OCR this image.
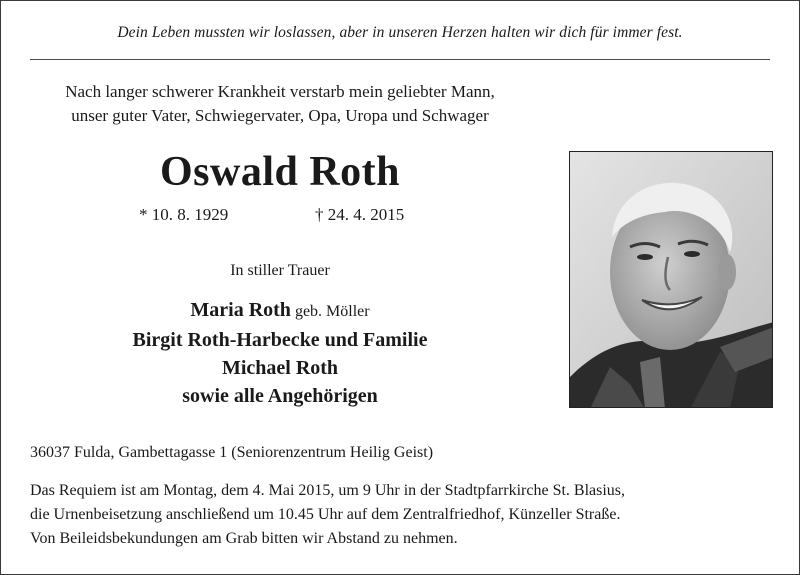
Dein Leben mussten wir loslassen, aber in unseren Herzen halten wir dich für immer fest.
Nach langer schwerer Krankheit verstarb mein geliebter Mann,
unser guter Vater, Schwiegervater, Opa, Uropa und Schwager
Oswald Roth
* 10. 8. 1929	† 24. 4. 2015
In stiller Trauer
Maria Roth geb. Möller
Birgit Roth-Harbecke und Familie
Michael Roth
sowie alle Angehörigen
36037 Fulda, Gambettagasse 1 (Seniorenzentrum Heilig Geist)
Das Requiem ist am Montag, dem 4. Mai 2015, um 9 Uhr in der Stadtpfarrkirche St. Blasius,
die Urnenbeisetzung anschließend um 10.45 Uhr auf dem Zentralfriedhof, Künzeller Straße.
Von Beileidsbekundungen am Grab bitten wir Abstand zu nehmen.
